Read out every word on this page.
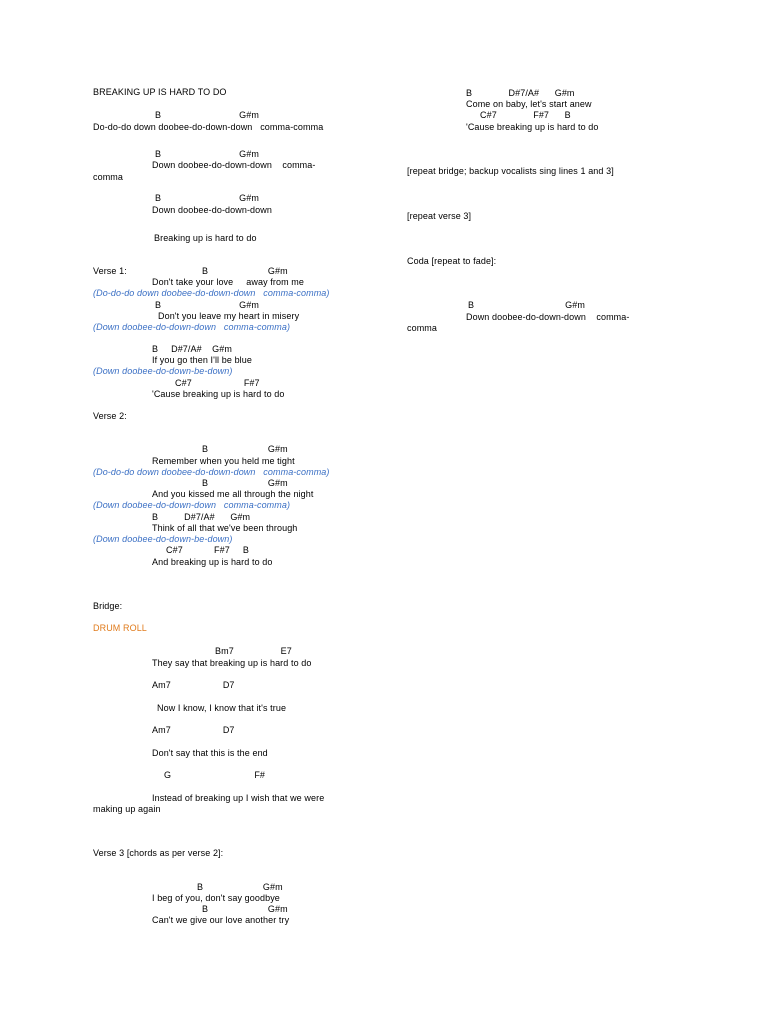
BREAKING UP IS HARD TO DO
B                              G#m
Do-do-do down doobee-do-down-down   comma-comma
B                              G#m
Down doobee-do-down-down    comma-
comma
B                              G#m
Down doobee-do-down-down
Breaking up is hard to do
Verse 1:	B                       G#m
Don't take your love     away from me
(Do-do-do down doobee-do-down-down   comma-comma)
B                              G#m
Don't you leave my heart in misery
(Down doobee-do-down-down   comma-comma)
B     D#7/A#    G#m
If you go then I'll be blue
(Down doobee-do-down-be-down)
C#7                    F#7
'Cause breaking up is hard to do
Verse 2:
B                       G#m
Remember when you held me tight
(Do-do-do down doobee-do-down-down   comma-comma)
B                       G#m
And you kissed me all through the night
(Down doobee-do-down-down   comma-comma)
B          D#7/A#      G#m
Think of all that we've been through
(Down doobee-do-down-be-down)
C#7            F#7     B
And breaking up is hard to do
Bridge:
DRUM ROLL
Bm7                  E7
They say that breaking up is hard to do
Am7                    D7
Now I know, I know that it's true
Am7                    D7
Don't say that this is the end
G                                F#
Instead of breaking up I wish that we were
making up again
Verse 3 [chords as per verse 2]:
B                       G#m
I beg of you, don't say goodbye
B                       G#m
Can't we give our love another try
B              D#7/A#      G#m
Come on baby, let's start anew
C#7              F#7      B
'Cause breaking up is hard to do
[repeat bridge; backup vocalists sing lines 1 and 3]
[repeat verse 3]
Coda [repeat to fade]:
B                                   G#m
Down doobee-do-down-down    comma-
comma
